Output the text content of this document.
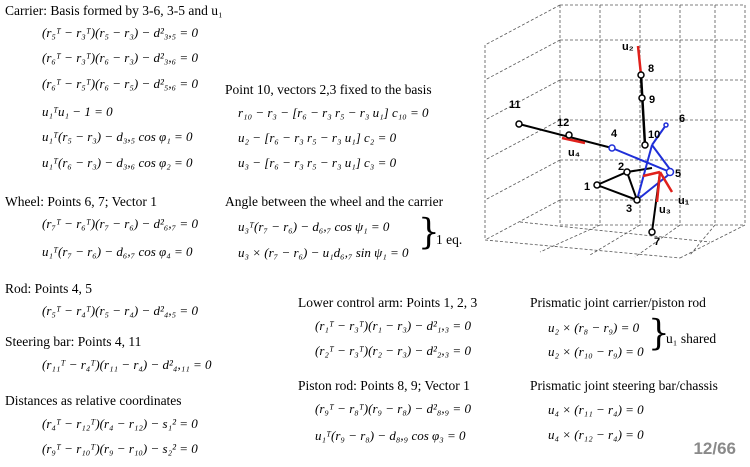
Carrier: Basis formed by 3-6, 3-5 and u₁
(r₅ᵀ − r₃ᵀ)(r₅ − r₃) − d²₃,₅ = 0
(r₆ᵀ − r₃ᵀ)(r₆ − r₃) − d²₃,₆ = 0
(r₆ᵀ − r₅ᵀ)(r₆ − r₅) − d²₅,₆ = 0
u₁ᵀu₁ − 1 = 0
u₁ᵀ(r₅ − r₃) − d₃,₅ cos φ₁ = 0
u₁ᵀ(r₆ − r₃) − d₃,₆ cos φ₂ = 0
Wheel: Points 6, 7; Vector 1
(r₇ᵀ − r₆ᵀ)(r₇ − r₆) − d²₆,₇ = 0
u₁ᵀ(r₇ − r₆) − d₆,₇ cos φ₄ = 0
Rod: Points 4, 5
(r₅ᵀ − r₄ᵀ)(r₅ − r₄) − d²₄,₅ = 0
Steering bar: Points 4, 11
(r₁₁ᵀ − r₄ᵀ)(r₁₁ − r₄) − d²₄,₁₁ = 0
Distances as relative coordinates
(r₄ᵀ − r₁₂ᵀ)(r₄ − r₁₂) − s₁² = 0
(r₉ᵀ − r₁₀ᵀ)(r₉ − r₁₀) − s₂² = 0
Point 10, vectors 2,3 fixed to the basis
r₁₀ − r₃ − [r₆ − r₃ r₅ − r₃ u₁] c₁₀ = 0
u₂ − [r₆ − r₃ r₅ − r₃ u₁] c₂ = 0
u₃ − [r₆ − r₃ r₅ − r₃ u₁] c₃ = 0
Angle between the wheel and the carrier
u₃ᵀ(r₇ − r₆) − d₆,₇ cos ψ₁ = 0
u₃ × (r₇ − r₆) − u₁d₆,₇ sin ψ₁ = 0 }
1 eq.
Lower control arm: Points 1, 2, 3
(r₁ᵀ − r₃ᵀ)(r₁ − r₃) − d²₁,₃ = 0
(r₂ᵀ − r₃ᵀ)(r₂ − r₃) − d²₂,₃ = 0
Piston rod: Points 8, 9; Vector 1
(r₉ᵀ − r₈ᵀ)(r₉ − r₈) − d²₈,₉ = 0
u₁ᵀ(r₉ − r₈) − d₈,₉ cos φ₃ = 0
Prismatic joint carrier/piston rod
u₂ × (r₈ − r₉) = 0
u₂ × (r₁₀ − r₉) = 0 }
u₁ shared
Prismatic joint steering bar/chassis
u₄ × (r₁₁ − r₄) = 0
u₄ × (r₁₂ − r₄) = 0
12/66
1
2
3
4
5
6
7
8
9
10
11
12
u₂
u₄
u₁
u₃
